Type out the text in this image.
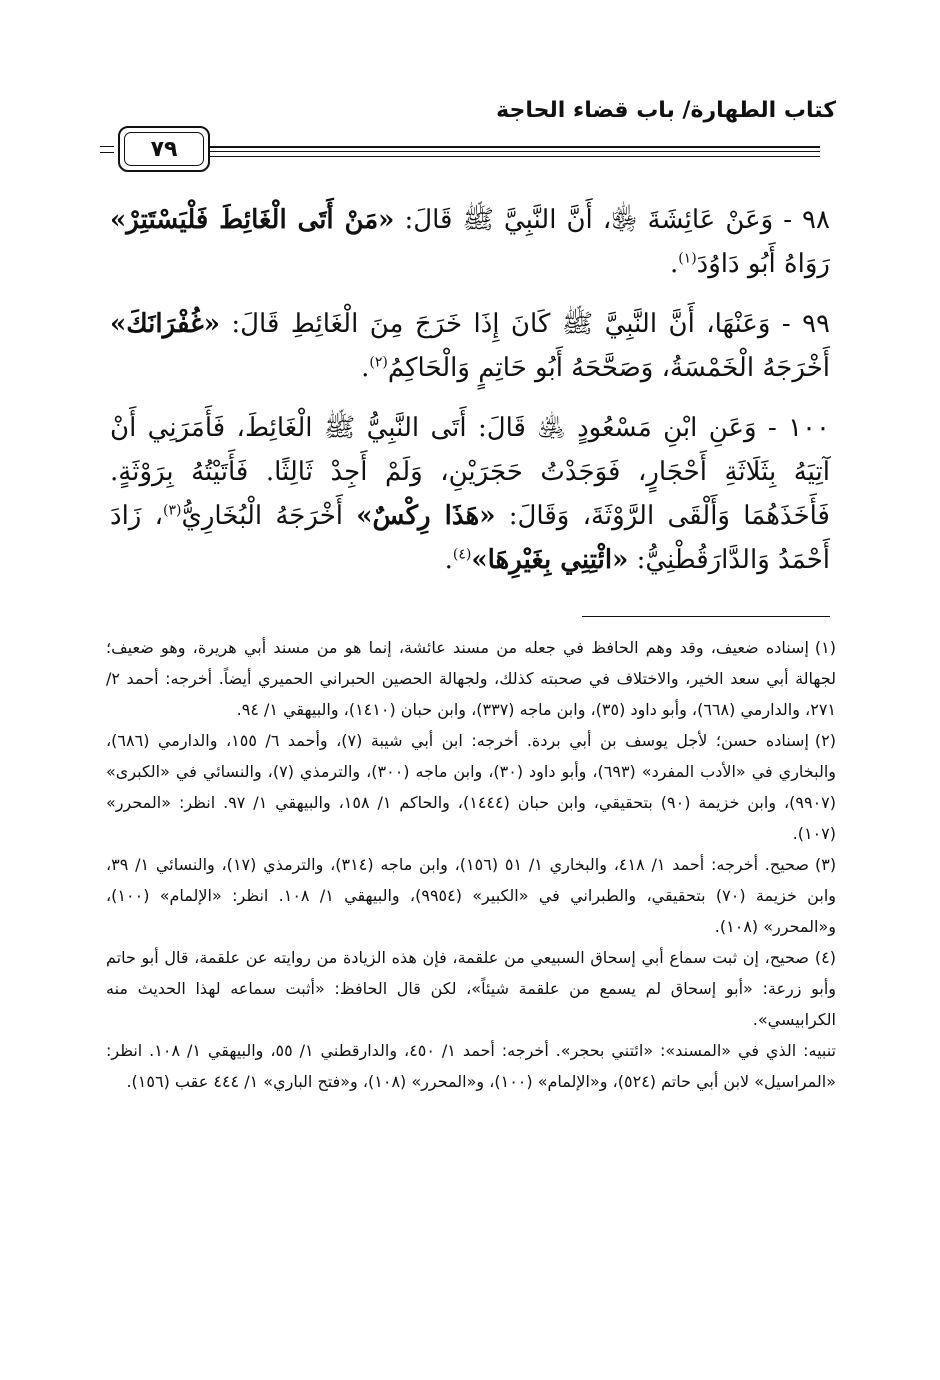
كتاب الطهارة/ باب قضاء الحاجة
٧٩

٩٨ - وَعَنْ عَائِشَةَ ﵂، أَنَّ النَّبِيَّ ﷺ قَالَ: «مَنْ أَتَى الْغَائِطَ فَلْيَسْتَتِرْ» رَوَاهُ أَبُو دَاوُدَ$^{(١)}$.

٩٩ - وَعَنْهَا، أَنَّ النَّبِيَّ ﷺ كَانَ إِذَا خَرَجَ مِنَ الْغَائِطِ قَالَ: «غُفْرَانَكَ» أَخْرَجَهُ الْخَمْسَةُ، وَصَحَّحَهُ أَبُو حَاتِمٍ وَالْحَاكِمُ$^{(٢)}$.

١٠٠ - وَعَنِ ابْنِ مَسْعُودٍ ﵁ قَالَ: أَتَى النَّبِيُّ ﷺ الْغَائِطَ، فَأَمَرَنِي أَنْ آتِيَهُ بِثَلَاثَةِ أَحْجَارٍ، فَوَجَدْتُ حَجَرَيْنِ، وَلَمْ أَجِدْ ثَالِثًا. فَأَتَيْتُهُ بِرَوْثَةٍ. فَأَخَذَهُمَا وَأَلْقَى الرَّوْثَةَ، وَقَالَ: «هَذَا رِكْسٌ» أَخْرَجَهُ الْبُخَارِيُّ$^{(٣)}$، زَادَ أَحْمَدُ وَالدَّارَقُطْنِيُّ: «ائْتِنِي بِغَيْرِهَا»$^{(٤)}$.

(١)إسناده ضعيف، وقد وهم الحافظ في جعله من مسند عائشة، إنما هو من مسند أبي هريرة، وهو ضعيف؛ لجهالة أبي سعد الخير، والاختلاف في صحبته كذلك، ولجهالة الحصين الحبراني الحميري أيضاً. أخرجه: أحمد ٢/ ٢٧١، والدارمي (٦٦٨)، وأبو داود (٣٥)، وابن ماجه (٣٣٧)، وابن حبان (١٤١٠)، والبيهقي ١/ ٩٤.

(٢)إسناده حسن؛ لأجل يوسف بن أبي بردة. أخرجه: ابن أبي شيبة (٧)، وأحمد ٦/ ١٥٥، والدارمي (٦٨٦)، والبخاري في «الأدب المفرد» (٦٩٣)، وأبو داود (٣٠)، وابن ماجه (٣٠٠)، والترمذي (٧)، والنسائي في «الكبرى» (٩٩٠٧)، وابن خزيمة (٩٠) بتحقيقي، وابن حبان (١٤٤٤)، والحاكم ١/ ١٥٨، والبيهقي ١/ ٩٧. انظر: «المحرر» (١٠٧).

(٣)صحيح. أخرجه: أحمد ١/ ٤١٨، والبخاري ١/ ٥١ (١٥٦)، وابن ماجه (٣١٤)، والترمذي (١٧)، والنسائي ١/ ٣٩، وابن خزيمة (٧٠) بتحقيقي، والطبراني في «الكبير» (٩٩٥٤)، والبيهقي ١/ ١٠٨. انظر: «الإلمام» (١٠٠)، و«المحرر» (١٠٨).

(٤)صحيح، إن ثبت سماع أبي إسحاق السبيعي من علقمة، فإن هذه الزيادة من روايته عن علقمة، قال أبو حاتم وأبو زرعة: «أبو إسحاق لم يسمع من علقمة شيئاً»، لكن قال الحافظ: «أثبت سماعه لهذا الحديث منه الكرابيسي».

تنبيه: الذي في «المسند»: «ائتني بحجر». أخرجه: أحمد ١/ ٤٥٠، والدارقطني ١/ ٥٥، والبيهقي ١/ ١٠٨. انظر: «المراسيل» لابن أبي حاتم (٥٢٤)، و«الإلمام» (١٠٠)، و«المحرر» (١٠٨)، و«فتح الباري» ١/ ٤٤٤ عقب (١٥٦).
